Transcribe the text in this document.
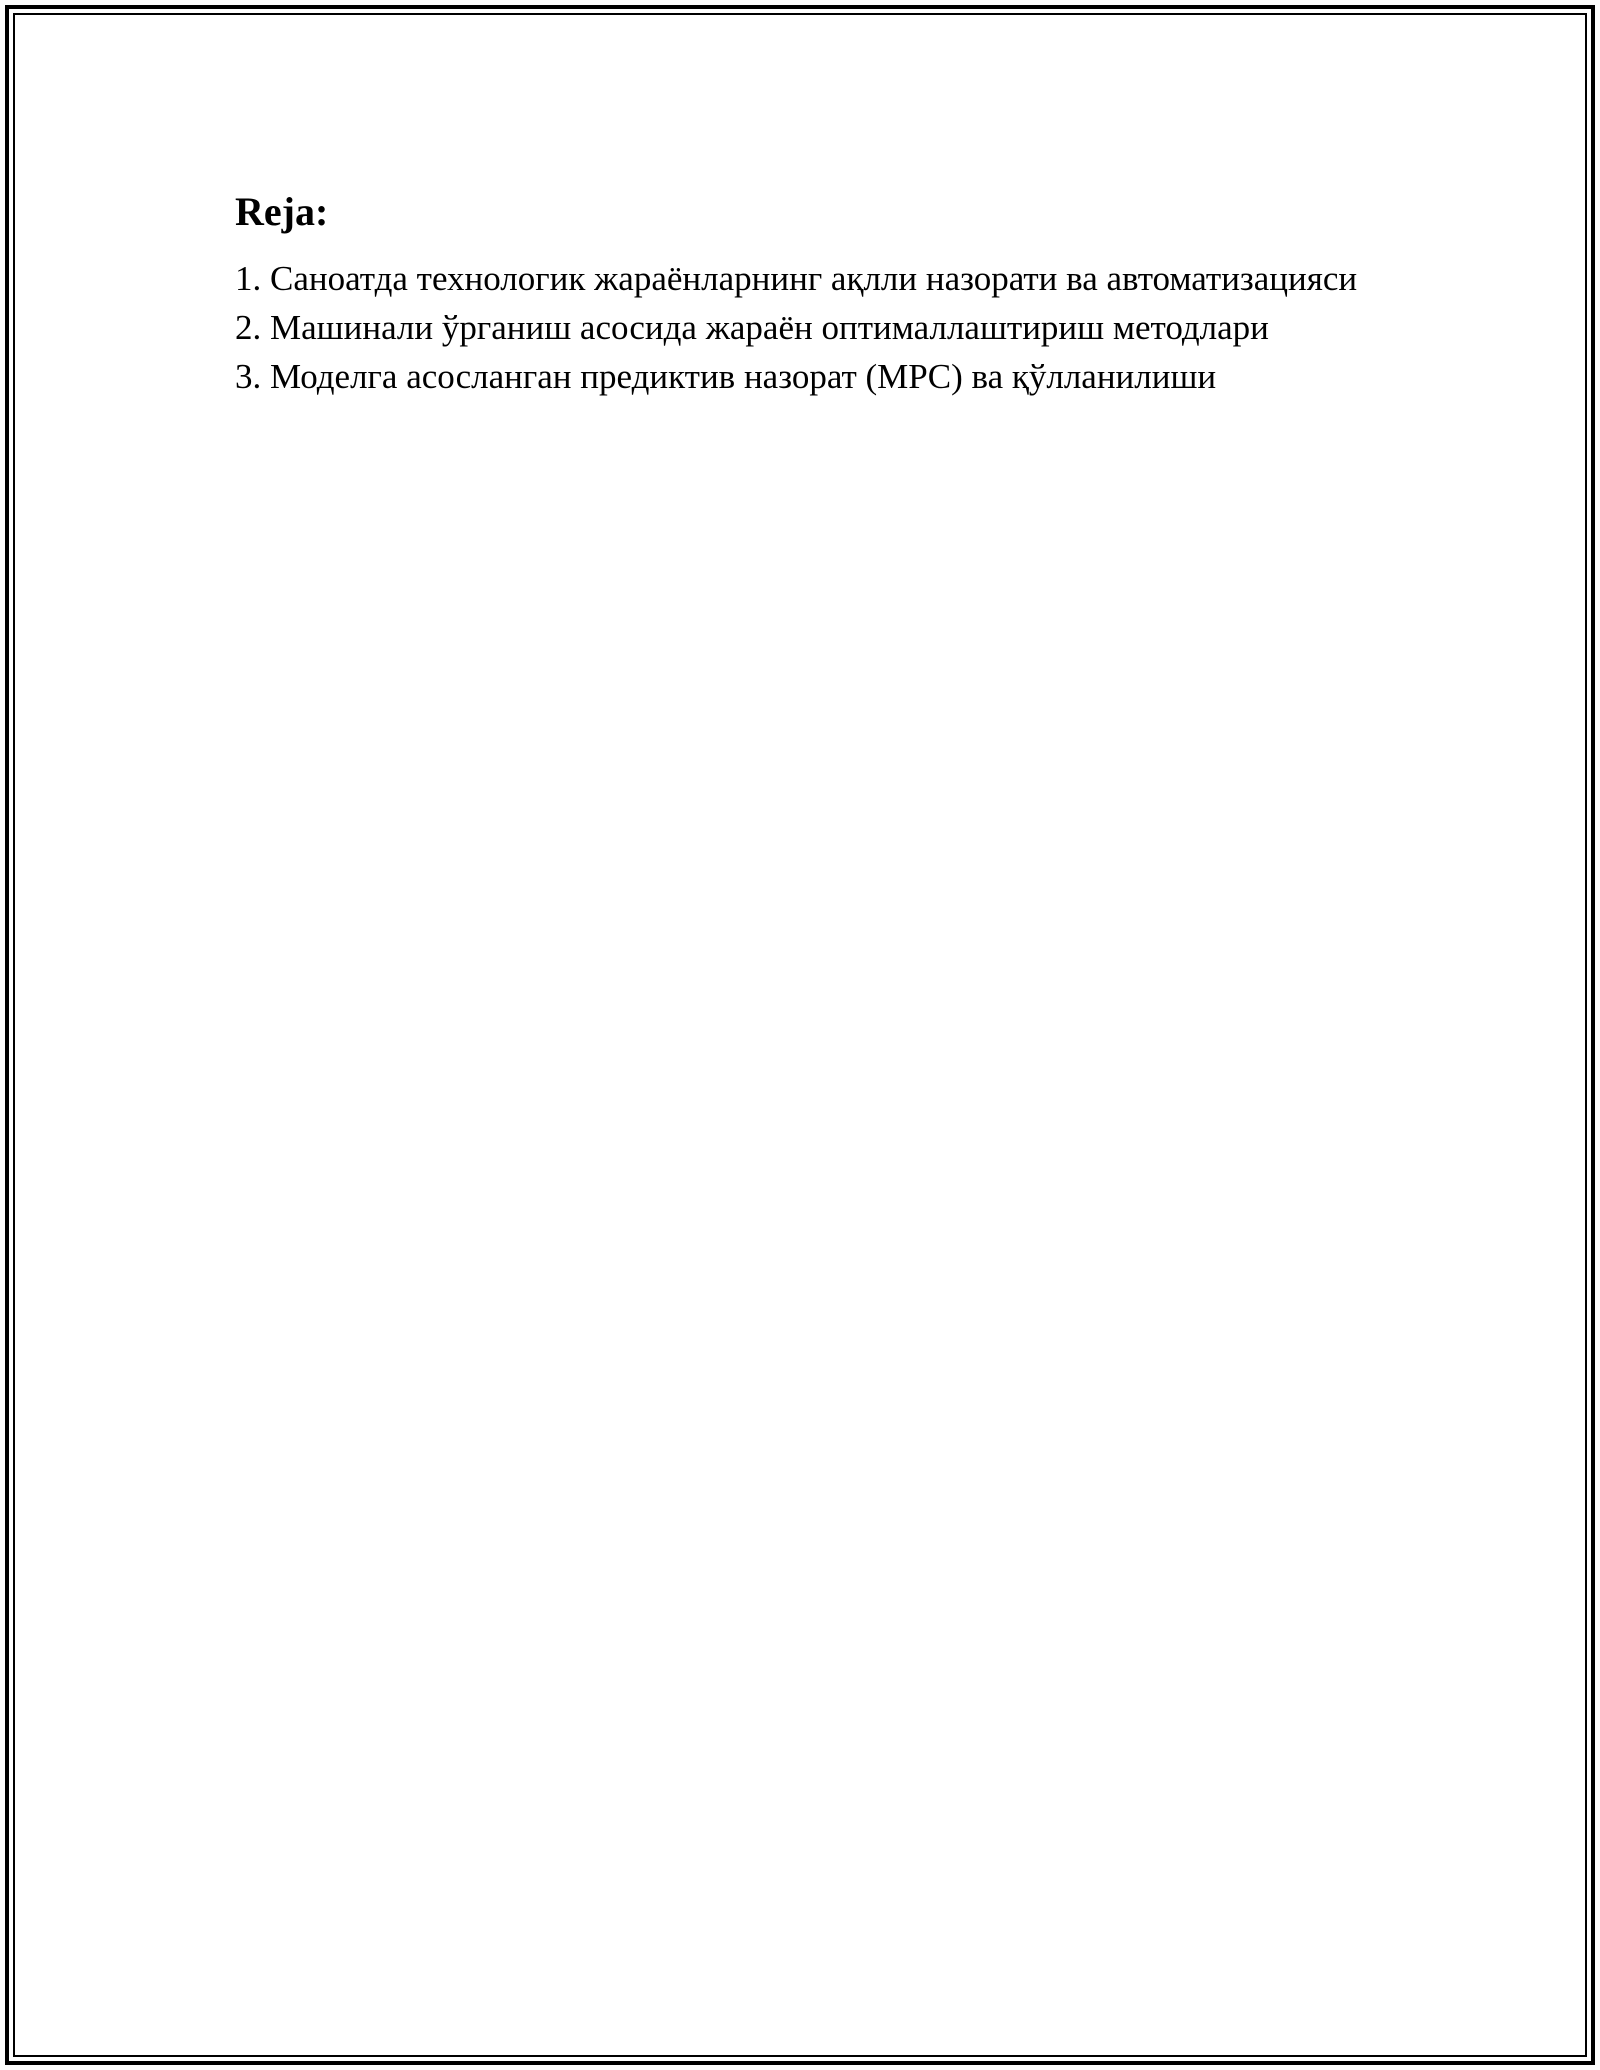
Reja:
1. Саноатда технологик жараёнларнинг ақлли назорати ва автоматизацияси
2. Машинали ўрганиш асосида жараён оптималлаштириш методлари
3. Моделга асосланган предиктив назорат (MPC) ва қўлланилиши
